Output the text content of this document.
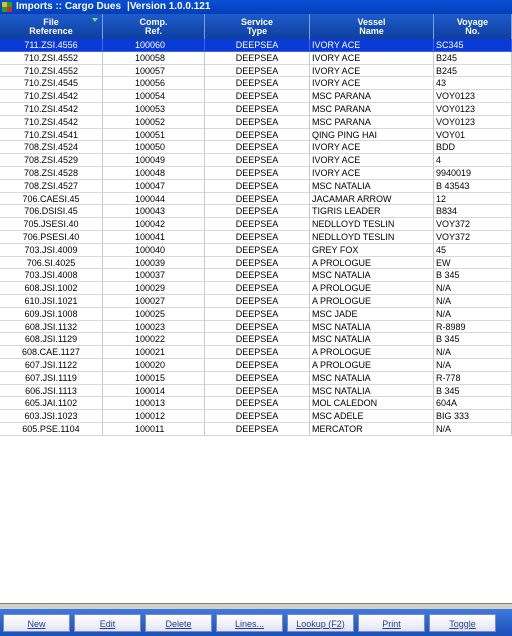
Imports :: Cargo Dues |Version 1.0.0.121
File
Reference
Comp.
Ref.
Service
Type
Vessel
Name
Voyage
No.
711.ZSI.4556	100060	DEEPSEA	IVORY ACE	SC345
710.ZSI.4552	100058	DEEPSEA	IVORY ACE	B245
710.ZSI.4552	100057	DEEPSEA	IVORY ACE	B245
710.ZSI.4545	100056	DEEPSEA	IVORY ACE	43
710.ZSI.4542	100054	DEEPSEA	MSC PARANA	VOY0123
710.ZSI.4542	100053	DEEPSEA	MSC PARANA	VOY0123
710.ZSI.4542	100052	DEEPSEA	MSC PARANA	VOY0123
710.ZSI.4541	100051	DEEPSEA	QING PING HAI	VOY01
708.ZSI.4524	100050	DEEPSEA	IVORY ACE	BDD
708.ZSI.4529	100049	DEEPSEA	IVORY ACE	4
708.ZSI.4528	100048	DEEPSEA	IVORY ACE	9940019
708.ZSI.4527	100047	DEEPSEA	MSC NATALIA	B 43543
706.CAESI.45	100044	DEEPSEA	JACAMAR ARROW	12
706.DSISI.45	100043	DEEPSEA	TIGRIS LEADER	B834
705.JSESI.40	100042	DEEPSEA	NEDLLOYD TESLIN	VOY372
706.PSESI.40	100041	DEEPSEA	NEDLLOYD TESLIN	VOY372
703.JSI.4009	100040	DEEPSEA	GREY FOX	45
706.SI.4025	100039	DEEPSEA	A PROLOGUE	EW
703.JSI.4008	100037	DEEPSEA	MSC NATALIA	B 345
608.JSI.1002	100029	DEEPSEA	A PROLOGUE	N/A
610.JSI.1021	100027	DEEPSEA	A PROLOGUE	N/A
609.JSI.1008	100025	DEEPSEA	MSC JADE	N/A
608.JSI.1132	100023	DEEPSEA	MSC NATALIA	R-8989
608.JSI.1129	100022	DEEPSEA	MSC NATALIA	B 345
608.CAE.1127	100021	DEEPSEA	A PROLOGUE	N/A
607.JSI.1122	100020	DEEPSEA	A PROLOGUE	N/A
607.JSI.1119	100015	DEEPSEA	MSC NATALIA	R-778
606.JSI.1113	100014	DEEPSEA	MSC NATALIA	B 345
605.JAI.1102	100013	DEEPSEA	MOL CALEDON	604A
603.JSI.1023	100012	DEEPSEA	MSC ADELE	BIG 333
605.PSE.1104	100011	DEEPSEA	MERCATOR	N/A
New	Edit	Delete	Lines...	Lookup (F2)	Print	Toggle
